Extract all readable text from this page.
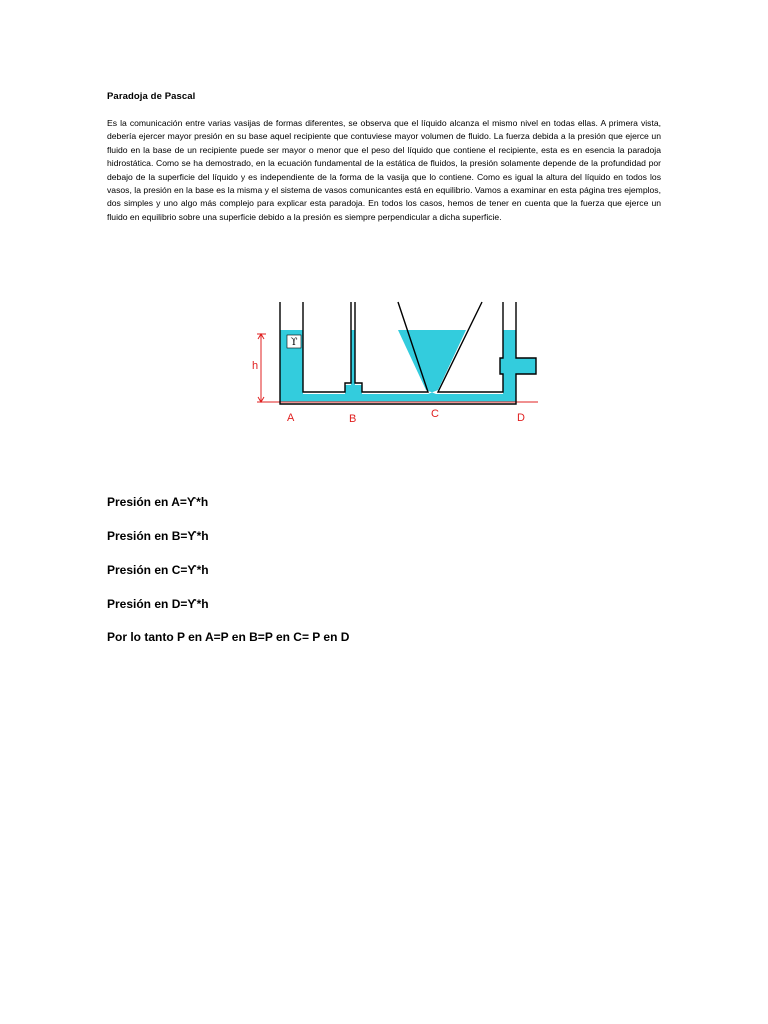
Paradoja de Pascal
Es la comunicación entre varias vasijas de formas diferentes, se observa que el líquido alcanza el mismo nivel en todas ellas. A primera vista, debería ejercer mayor presión en su base aquel recipiente que contuviese mayor volumen de fluido. La fuerza debida a la presión que ejerce un fluido en la base de un recipiente puede ser mayor o menor que el peso del líquido que contiene el recipiente, esta es en esencia la paradoja hidrostática. Como se ha demostrado, en la ecuación fundamental de la estática de fluidos, la presión solamente depende de la profundidad por debajo de la superficie del líquido y es independiente de la forma de la vasija que lo contiene. Como es igual la altura del líquido en todos los vasos, la presión en la base es la misma y el sistema de vasos comunicantes está en equilibrio. Vamos a examinar en esta página tres ejemplos, dos simples y uno algo más complejo para explicar esta paradoja. En todos los casos, hemos de tener en cuenta que la fuerza que ejerce un fluido en equilibrio sobre una superficie debido a la presión es siempre perpendicular a dicha superficie.
ϒ
h
A	B	C	D
Presión en A=ϒ*h
Presión en B=ϒ*h
Presión en C=ϒ*h
Presión en D=ϒ*h
Por lo tanto P en A=P en B=P en C= P en D
